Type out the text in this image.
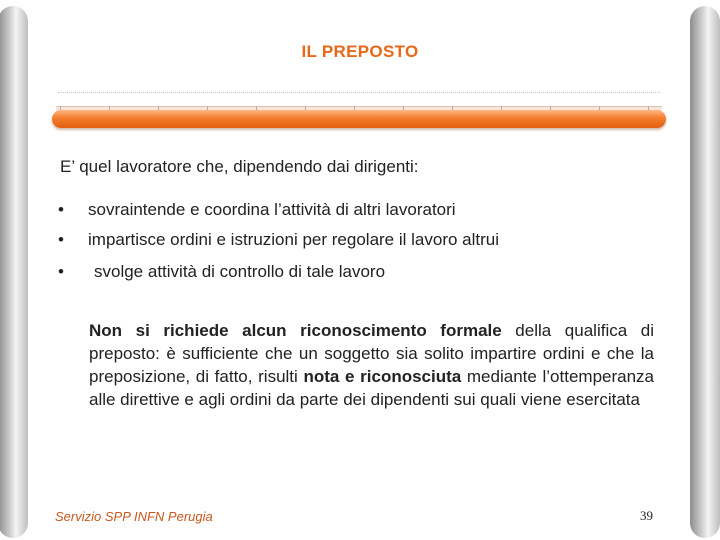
IL PREPOSTO
E’ quel lavoratore che, dipendendo dai dirigenti:
• sovraintende e coordina l’attività di altri lavoratori
• impartisce ordini e istruzioni per regolare il lavoro altrui
• svolge attività di controllo di tale lavoro
Non si richiede alcun riconoscimento formale della qualifica di preposto: è sufficiente che un soggetto sia solito impartire ordini e che la preposizione, di fatto, risulti nota e riconosciuta mediante l’ottemperanza alle direttive e agli ordini da parte dei dipendenti sui quali viene esercitata
Servizio SPP INFN Perugia	39
